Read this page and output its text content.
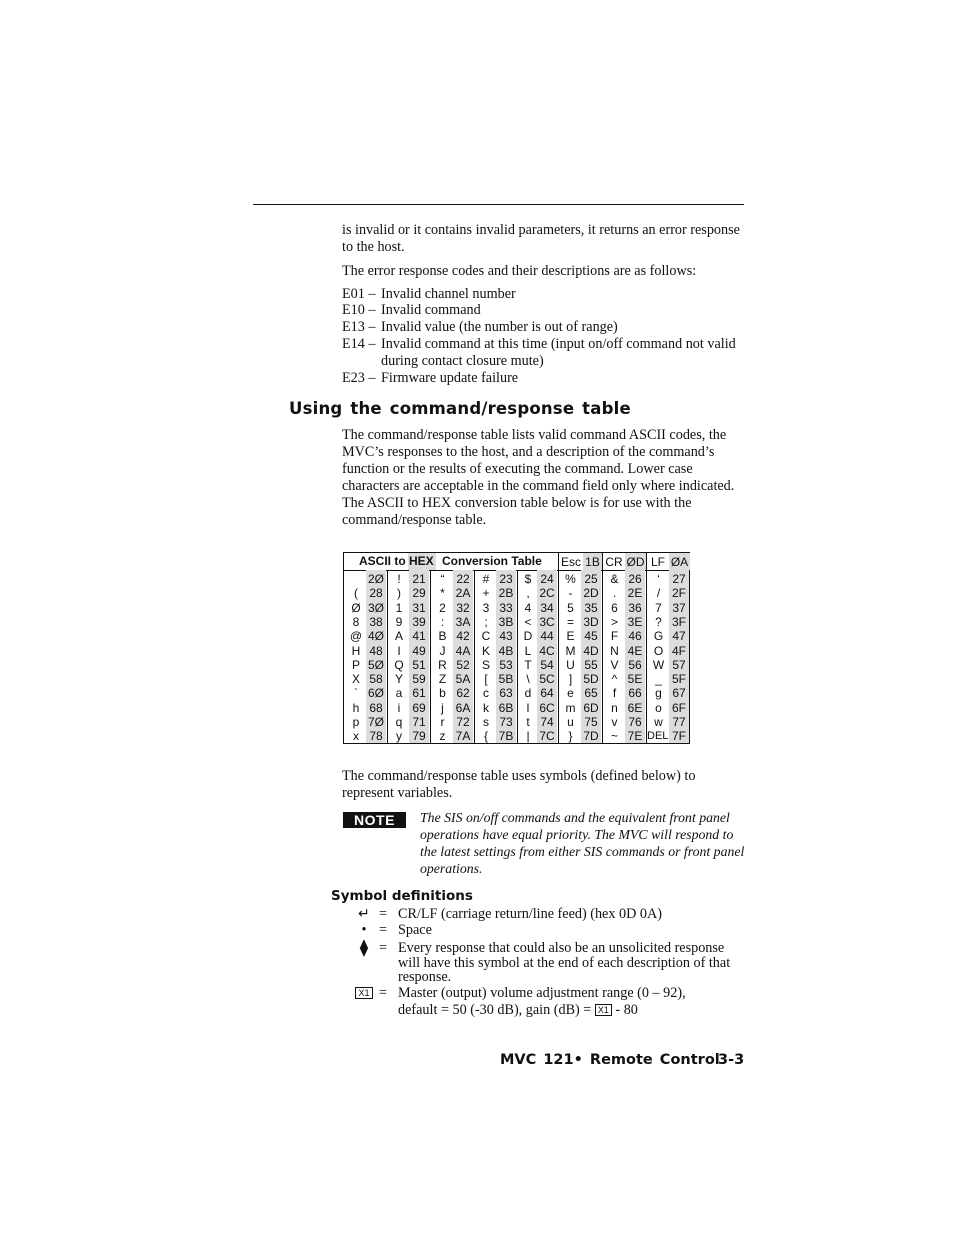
is invalid or it contains invalid parameters, it returns an error response to the host.

The error response codes and their descriptions are as follows:

E01 – Invalid channel number
E10 – Invalid command
E13 – Invalid value (the number is out of range)
E14 – Invalid command at this time (input on/off command not valid during contact closure mute)
E23 – Firmware update failure
Using the command/response table

The command/response table lists valid command ASCII codes, the MVC’s responses to the host, and a description of the command’s function or the results of executing the command. Lower case characters are acceptable in the command field only where indicated. The ASCII to HEX conversion table below is for use with the command/response table.

ASCII to HEX Conversion Table Esc 1B CR ØD LF ØA
2Ø	! 21	“ 22	# 23 $ 24 % 25	& 26	‘	27
( 28	) 29	* 2A	+ 2B	, 2C	- 2D	. 2E	/ 2F
Ø 3Ø 1 31	2 32	3 33 4 34	5 35	6 36	7 37
8 38	9 39	: 3A	; 3B < 3C	= 3D	> 3E	? 3F
@ 4Ø A 41	B 42 C 43 D 44	E 45	F 46	G 47
H 48	I 49	J 4A K 4B L 4C M 4D N 4E O 4F
P 5Ø Q 51	R 52	S 53 T 54	U 55	V 56 W 57
X 58	Y 59	Z 5A	[ 5B	\ 5C	] 5D	^ 5E	_ 5F
` 6Ø a 61	b 62	c 63 d 64	e 65	f	66	g 67
h 68	i 69	j 6A	k 6B	l 6C m 6D	n 6E	o 6F
p 7Ø q 71	r 72	s 73	t 74	u 75	v 76	w 77
x 78	y 79	z 7A	{ 7B	| 7C	} 7D	~ 7E DEL 7F

The command/response table uses symbols (defined below) to represent variables.

NOTE	The SIS on/off commands and the equivalent front panel operations have equal priority. The MVC will respond to the latest settings from either SIS commands or front panel operations.
Symbol definitions
↵ = CR/LF (carriage return/line feed) (hex 0D 0A)
• = Space
⧫ = Every response that could also be an unsolicited response will have this symbol at the end of each description of that response.
X1 = Master (output) volume adjustment range (0 – 92),
default = 50 (-30 dB), gain (dB) = X1 - 80
MVC 121• Remote Control
3-3
